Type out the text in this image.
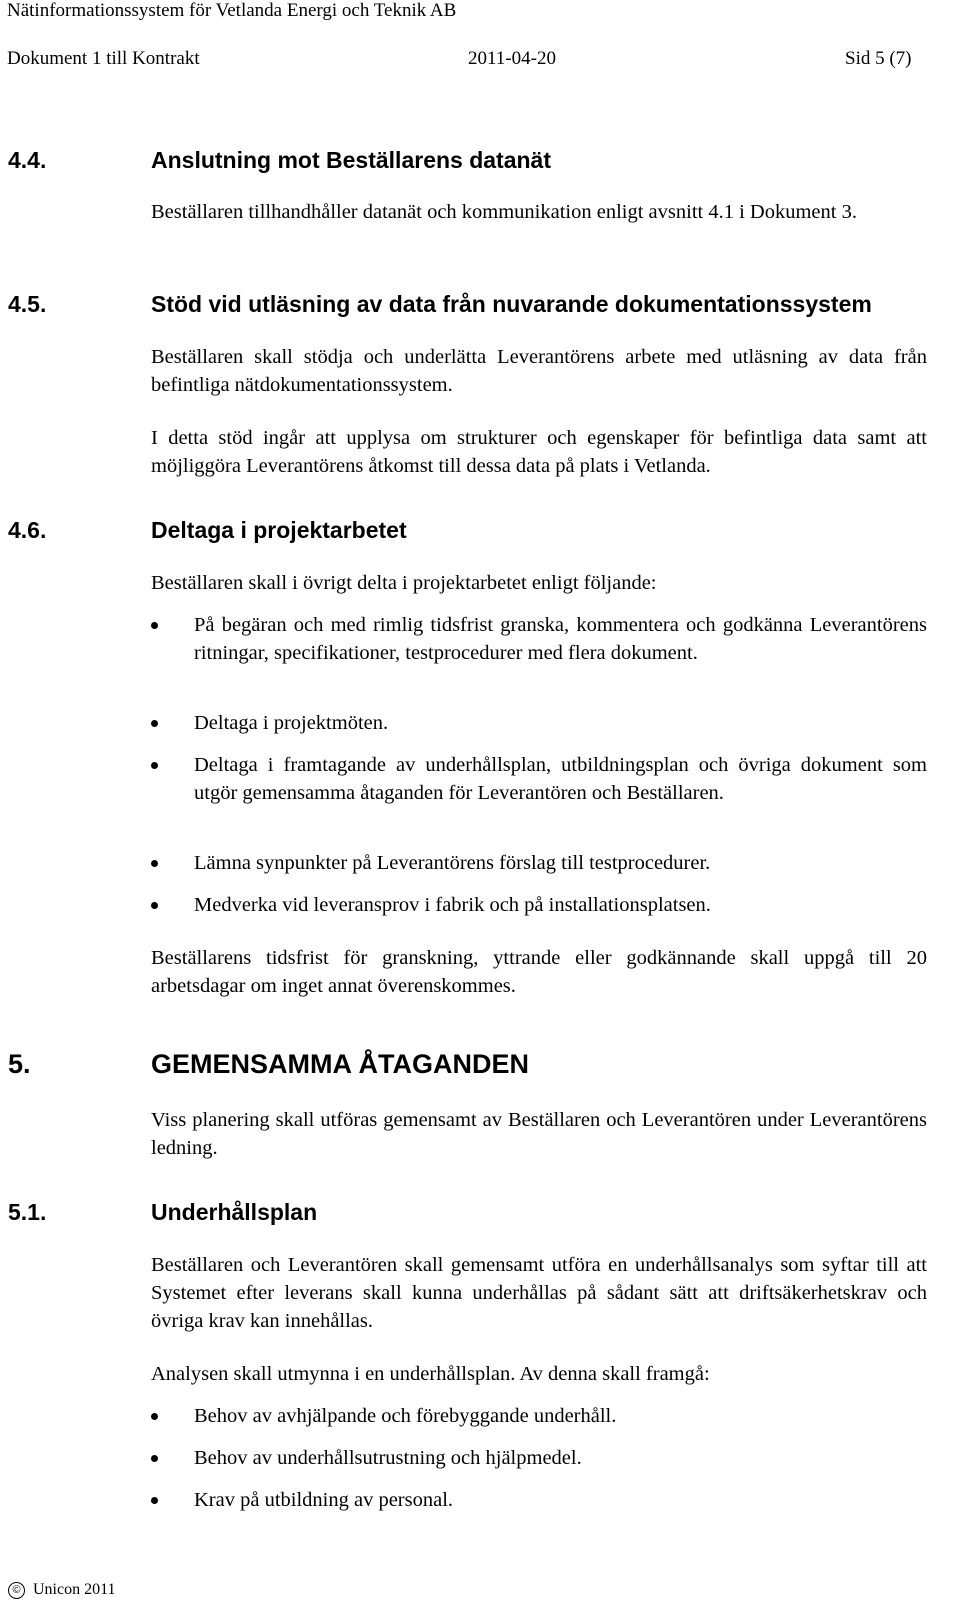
Nätinformationssystem för Vetlanda Energi och Teknik AB
Dokument 1 till Kontrakt	2011-04-20	Sid 5 (7)
4.4.	Anslutning mot Beställarens datanät
Beställaren tillhandhåller datanät och kommunikation enligt avsnitt 4.1 i Dokument 3.
4.5.	Stöd vid utläsning av data från nuvarande dokumentationssystem
Beställaren skall stödja och underlätta Leverantörens arbete med utläsning av data från befintliga nätdokumentationssystem.
I detta stöd ingår att upplysa om strukturer och egenskaper för befintliga data samt att möjliggöra Leverantörens åtkomst till dessa data på plats i Vetlanda.
4.6.	Deltaga i projektarbetet
Beställaren skall i övrigt delta i projektarbetet enligt följande:
På begäran och med rimlig tidsfrist granska, kommentera och godkänna Leverantörens ritningar, specifikationer, testprocedurer med flera dokument.
Deltaga i projektmöten.
Deltaga i framtagande av underhållsplan, utbildningsplan och övriga dokument som utgör gemensamma åtaganden för Leverantören och Beställaren.
Lämna synpunkter på Leverantörens förslag till testprocedurer.
Medverka vid leveransprov i fabrik och på installationsplatsen.
Beställarens tidsfrist för granskning, yttrande eller godkännande skall uppgå till 20 arbetsdagar om inget annat överenskommes.
5.	GEMENSAMMA ÅTAGANDEN
Viss planering skall utföras gemensamt av Beställaren och Leverantören under Leverantörens ledning.
5.1.	Underhållsplan
Beställaren och Leverantören skall gemensamt utföra en underhållsanalys som syftar till att Systemet efter leverans skall kunna underhållas på sådant sätt att driftsäkerhetskrav och övriga krav kan innehållas.
Analysen skall utmynna i en underhållsplan. Av denna skall framgå:
Behov av avhjälpande och förebyggande underhåll.
Behov av underhållsutrustning och hjälpmedel.
Krav på utbildning av personal.
© Unicon 2011
